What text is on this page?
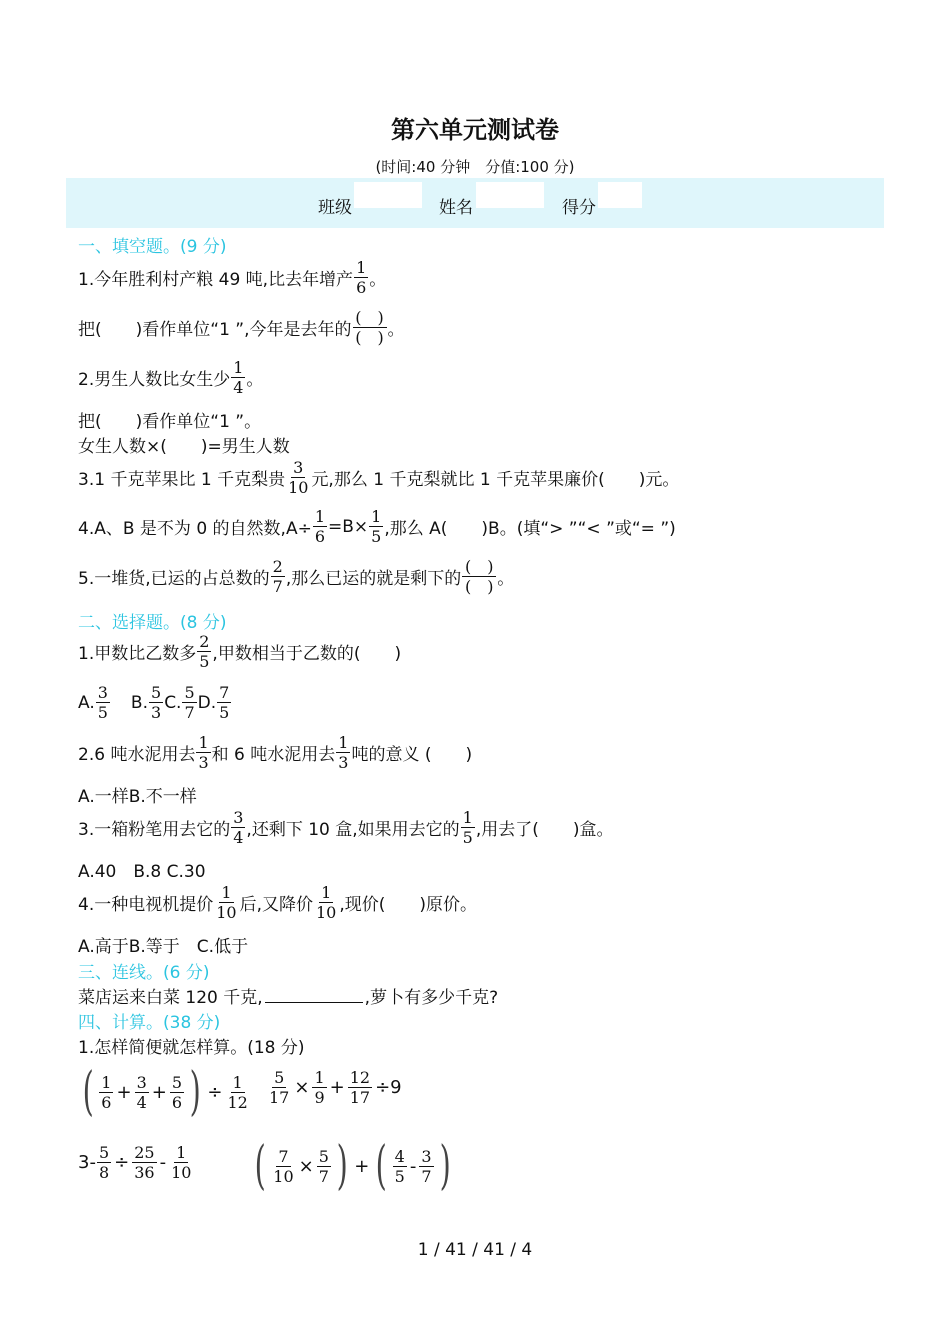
第六单元测试卷
(时间:40 分钟　分值:100 分)
班级	姓名	得分
一、填空题。(9 分)
1.今年胜利村产粮 49 吨,比去年增产 $\frac{1}{6}$ 。
把(　　)看作单位“1 ”,今年是去年的 $\frac{( )}{( )}$ 。
2.男生人数比女生少 $\frac{1}{4}$ 。
把(　　)看作单位“1 ”。
女生人数×(　　)=男生人数
3.1 千克苹果比 1 千克梨贵 $\frac{3}{10}$ 元,那么 1 千克梨就比 1 千克苹果廉价(　　)元。
4.A、B 是不为 0 的自然数$,A\div \frac{1}{6} =B\times \frac{1}{5}$ ,那么 A(　　)B。(填“> ”“< ”或“= ”)
5.一堆货,已运的占总数的 $\frac{2}{7}$ ,那么已运的就是剩下的 $\frac{( )}{( )}$ 。
二、选择题。(8 分)
1.甲数比乙数多 $\frac{2}{5}$ ,甲数相当于乙数的(　　)
A. $\frac{3}{5} B$. $\frac{5}{3} C$. $\frac{5}{7} D$. $\frac{7}{5}$
2.6 吨水泥用去 $\frac{1}{3}$ 和 6 吨水泥用去 $\frac{1}{3}$ 吨的意义 (　　)
A.一样B.不一样
3.一箱粉笔用去它的 $\frac{3}{4}$ ,还剩下 10 盒,如果用去它的 $\frac{1}{5}$ ,用去了(　　)盒。
A.40　B.8 C.30
4.一种电视机提价 $\frac{1}{10}$ 后,又降价 $\frac{1}{10}$ ,现价(　　)原价。
A.高于B.等于　C.低于
三、连线。(6 分)
菜店运来白菜 120 千克,	,萝卜有多少千克?
四、计算。(38 分)
1.怎样简便就怎样算。(18 分)
( $\frac{1}{6} + \frac{3}{4} + \frac{5}{6}$ ) ÷ $\frac{1}{12} \frac{5}{17} \times \frac{1}{9} + \frac{12}{17} \div 9$
$3- \frac{5}{8} \div \frac{25}{36} - \frac{1}{10}$ ( $\frac{7}{10} \times \frac{5}{7}$ ) + ( $\frac{4}{5} - \frac{3}{7}$ )
1 / 41 / 41 / 4
